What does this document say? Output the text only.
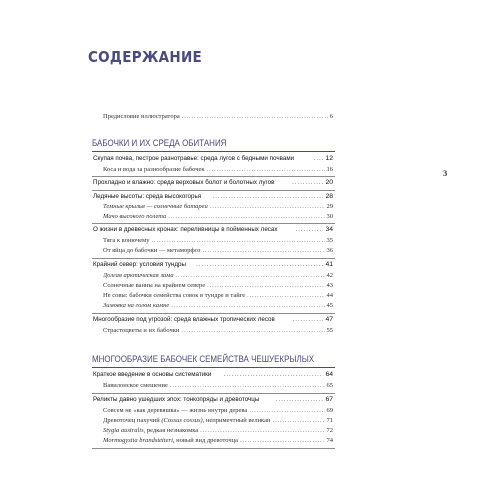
СОДЕРЖАНИЕ
3
Предисловие иллюстратора .....	6
БАБОЧКИ И ИХ СРЕДА ОБИТАНИЯ
Скупая почва, пестрое разнотравье: среда лугов с бедными почвами .....	12
Коса и вода за разнообразие бабочек .....	16
Прохладно и влажно: среда верховых болот и болотных лугов .....	20
Ледяные высоты: среда высокогорья .....	28
Темные крылья — солнечные батареи .....	29
Мачо высокого полета .....	30
О жизни в древесных кронах: переливницы в пойменных лесах .....	34
Тяга к вонючему .....	35
От яйца до бабочки — метаморфоз .....	36
Крайний север: условия тундры .....	41
Долгая арктическая зима .....	42
Солнечные ванны на крайнем севере .....	43
Не совы: бабочки семейства совок в тундре и тайге .....	44
Зимовка на голом камне .....	45
Многообразие под угрозой: среда влажных тропических лесов .....	47
Страстоцветы и их бабочки .....	55
МНОГООБРАЗИЕ БАБОЧЕК СЕМЕЙСТВА ЧЕШУЕКРЫЛЫХ
Краткое введение в основы систематики .....	64
Вавилонское смешение .....	65
Реликты давно ушедших эпох: тонкопряды и древоточцы .....	67
Совсем не «как деревяшка» — жизнь внутри дерева .....	69
Древоточец пахучий (Cossus cossus), непримечтный великан .....	71
Stygia australis, редкая незнакомка .....	72
Mormogystia brandstetteri, новый вид древоточца .....	74
